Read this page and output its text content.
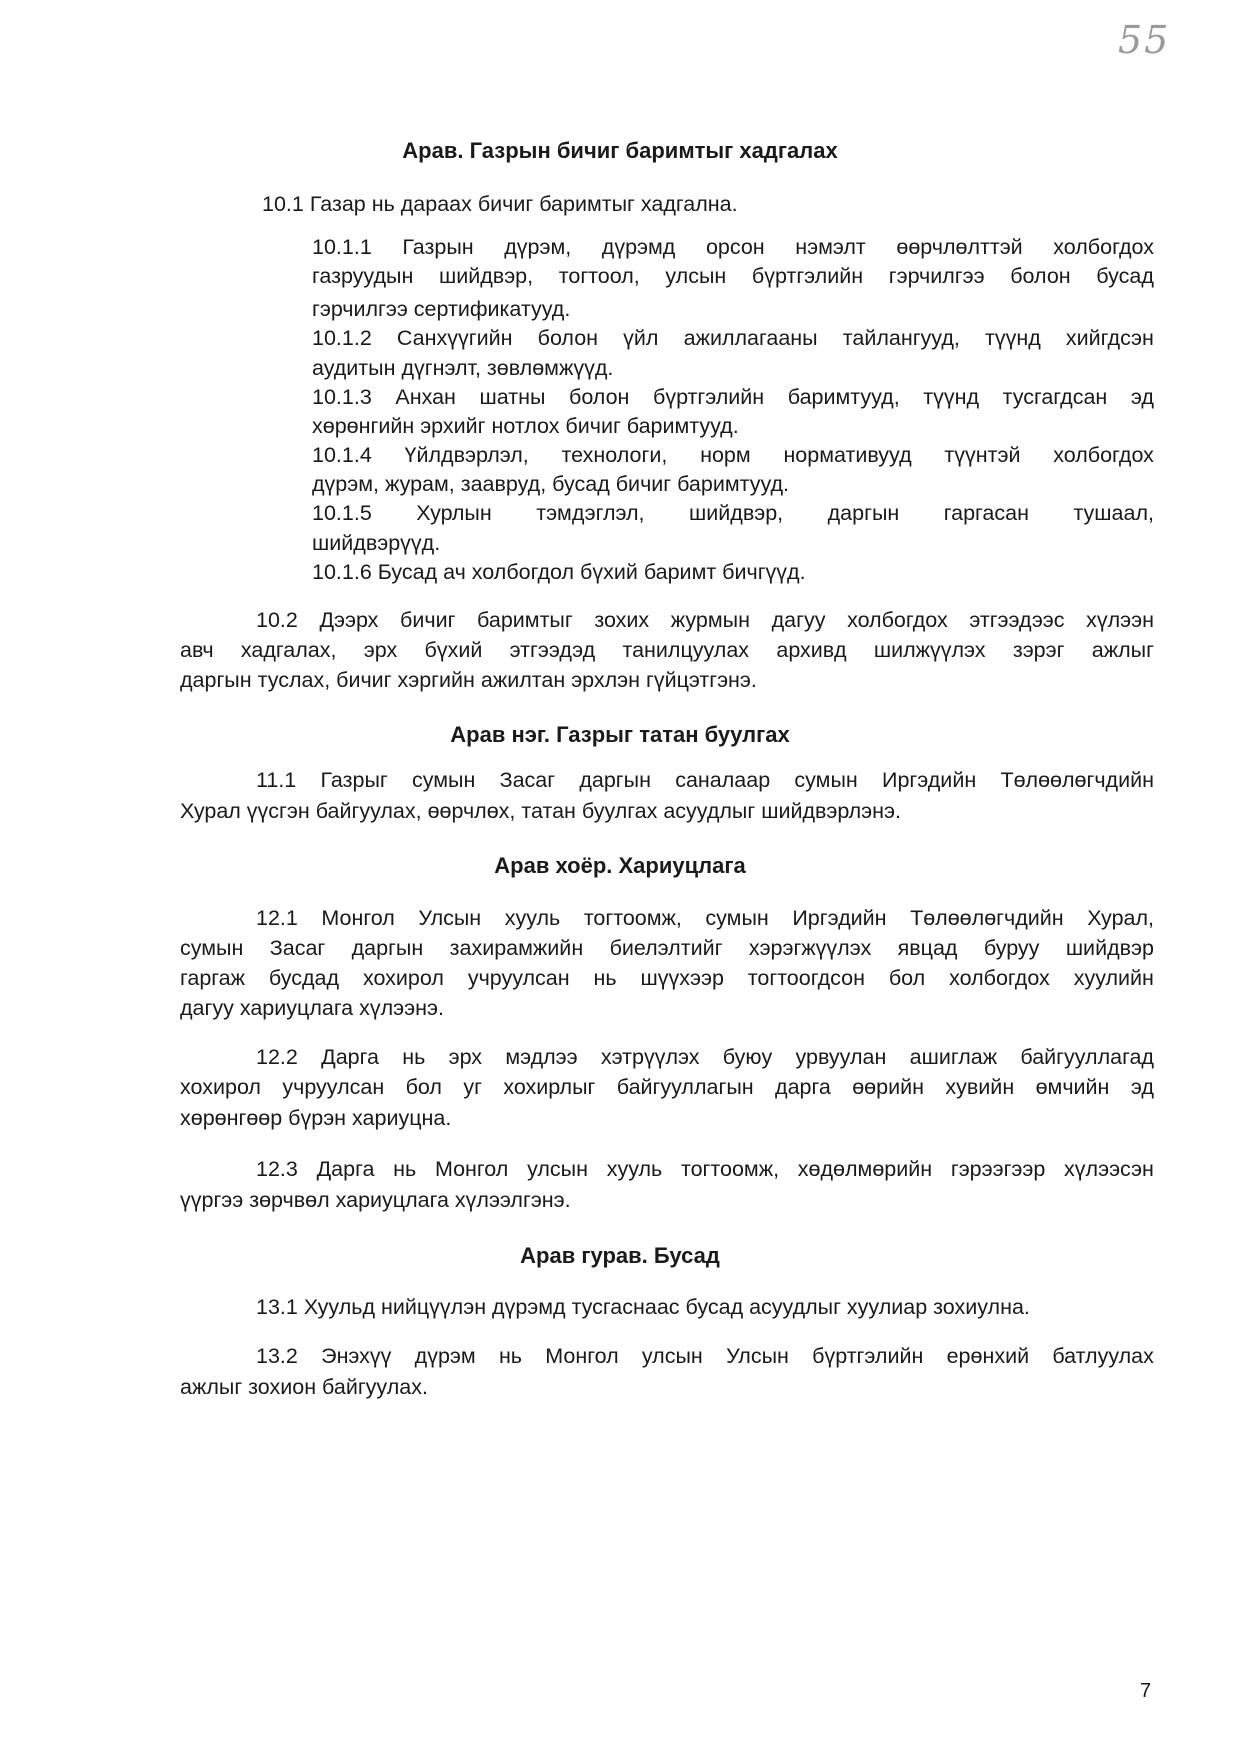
55
Арав. Газрын бичиг баримтыг хадгалах
10.1 Газар нь дараах бичиг баримтыг хадгална.
10.1.1 Газрын дүрэм, дүрэмд орсон нэмэлт өөрчлөлттэй холбогдох
газруудын шийдвэр, тогтоол, улсын бүртгэлийн гэрчилгээ болон бусад
гэрчилгээ сертификатууд.
10.1.2 Санхүүгийн болон үйл ажиллагааны тайлангууд, түүнд хийгдсэн
аудитын дүгнэлт, зөвлөмжүүд.
10.1.3 Анхан шатны болон бүртгэлийн баримтууд, түүнд тусгагдсан эд
хөрөнгийн эрхийг нотлох бичиг баримтууд.
10.1.4 Үйлдвэрлэл, технологи, норм нормативууд түүнтэй холбогдох
дүрэм, журам, заавруд, бусад бичиг баримтууд.
10.1.5 Хурлын тэмдэглэл, шийдвэр, даргын гаргасан тушаал,
шийдвэрүүд.
10.1.6 Бусад ач холбогдол бүхий баримт бичгүүд.
10.2 Дээрх бичиг баримтыг зохих журмын дагуу холбогдох этгээдээс хүлээн
авч хадгалах, эрх бүхий этгээдэд танилцуулах архивд шилжүүлэх зэрэг ажлыг
даргын туслах, бичиг хэргийн ажилтан эрхлэн гүйцэтгэнэ.
Арав нэг. Газрыг татан буулгах
11.1 Газрыг сумын Засаг даргын саналаар сумын Иргэдийн Төлөөлөгчдийн
Хурал үүсгэн байгуулах, өөрчлөх, татан буулгах асуудлыг шийдвэрлэнэ.
Арав хоёр. Хариуцлага
12.1 Монгол Улсын хууль тогтоомж, сумын Иргэдийн Төлөөлөгчдийн Хурал,
сумын Засаг даргын захирамжийн биелэлтийг хэрэгжүүлэх явцад буруу шийдвэр
гаргаж бусдад хохирол учруулсан нь шүүхээр тогтоогдсон бол холбогдох хуулийн
дагуу хариуцлага хүлээнэ.
12.2 Дарга нь эрх мэдлээ хэтрүүлэх буюу урвуулан ашиглаж байгууллагад
хохирол учруулсан бол уг хохирлыг байгууллагын дарга өөрийн хувийн өмчийн эд
хөрөнгөөр бүрэн хариуцна.
12.3 Дарга нь Монгол улсын хууль тогтоомж, хөдөлмөрийн гэрээгээр хүлээсэн
үүргээ зөрчвөл хариуцлага хүлээлгэнэ.
Арав гурав. Бусад
13.1 Хуульд нийцүүлэн дүрэмд тусгаснаас бусад асуудлыг хуулиар зохиулна.
13.2 Энэхүү дүрэм нь Монгол улсын Улсын бүртгэлийн ерөнхий батлуулах
ажлыг зохион байгуулах.
7
